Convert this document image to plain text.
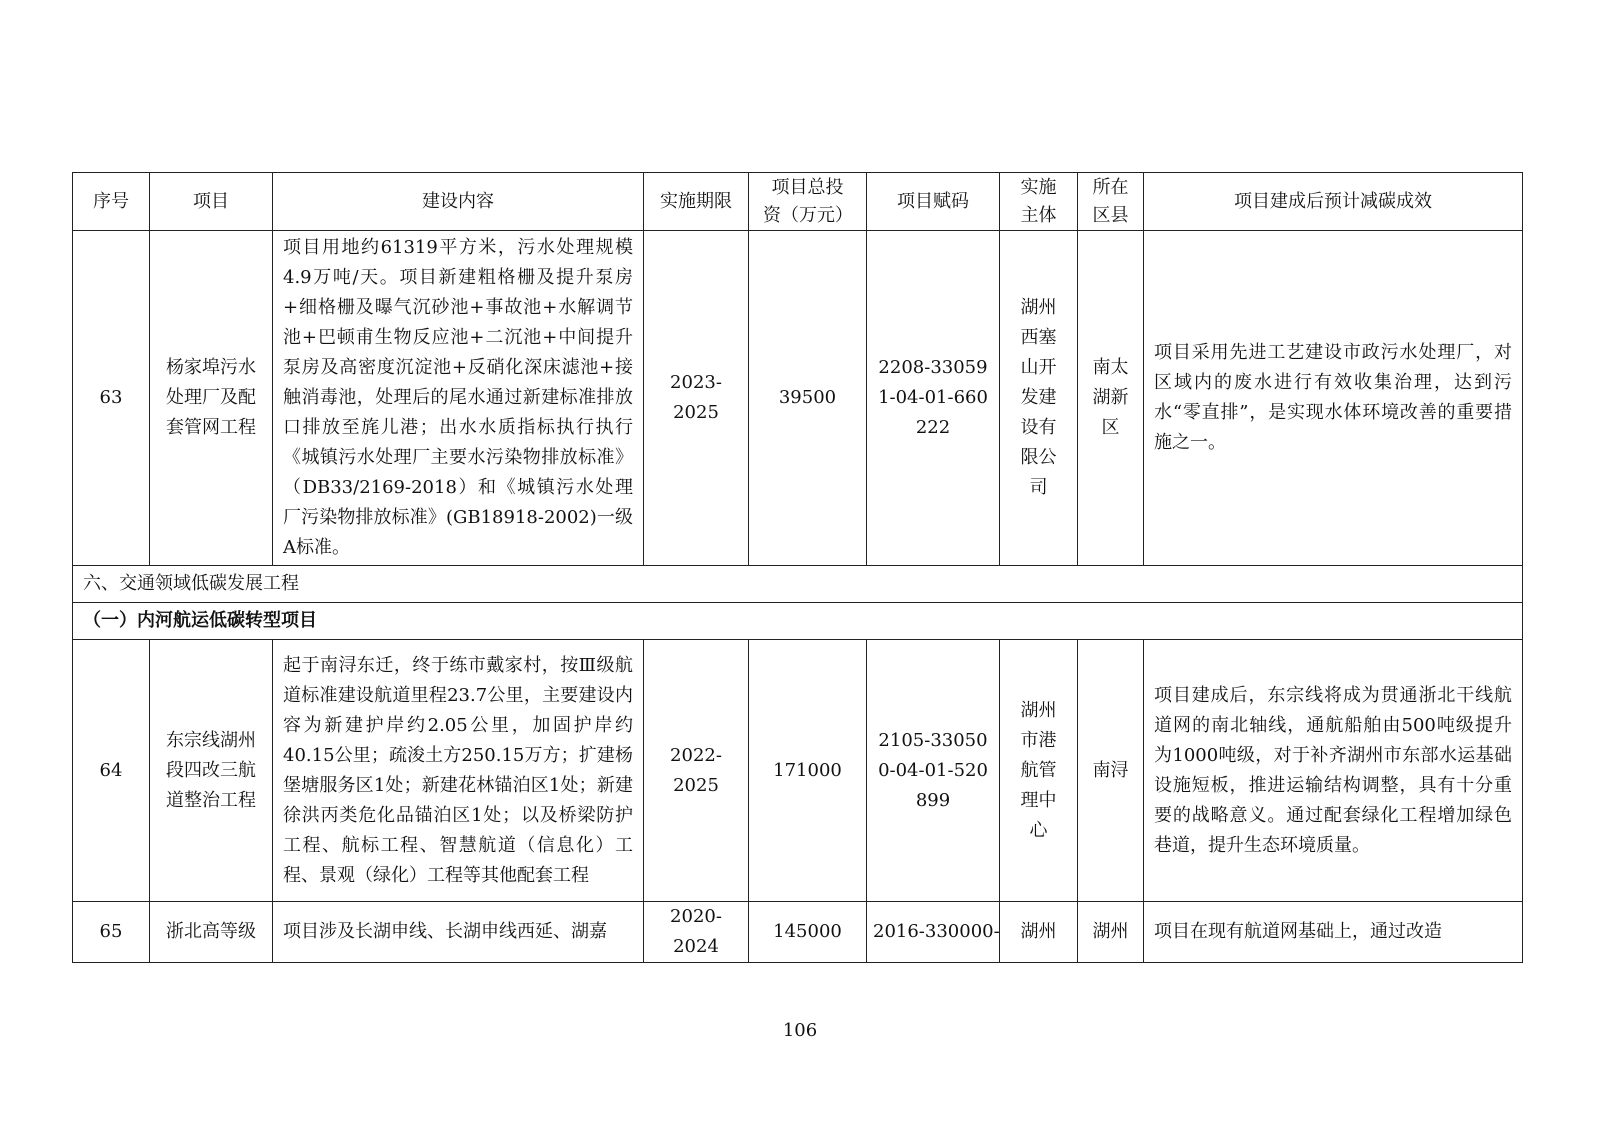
序号	项目	建设内容	实施期限	项目总投资（万元）	项目赋码	实施主体	所在区县	项目建成后预计减碳成效
63	杨家埠污水处理厂及配套管网工程	项目用地约61319平方米，污水处理规模4.9万吨/天。项目新建粗格栅及提升泵房+细格栅及曝气沉砂池+事故池+水解调节池+巴顿甫生物反应池+二沉池+中间提升泵房及高密度沉淀池+反硝化深床滤池+接触消毒池，处理后的尾水通过新建标准排放口排放至旄儿港；出水水质指标执行执行《城镇污水处理厂主要水污染物排放标准》（DB33/2169-2018）和《城镇污水处理厂污染物排放标准》(GB18918-2002)一级A标准。	2023-2025	39500	2208-330591-04-01-660222	湖州西塞山开发建设有限公司	南太湖新区	项目采用先进工艺建设市政污水处理厂，对区域内的废水进行有效收集治理，达到污水“零直排”，是实现水体环境改善的重要措施之一。
六、交通领域低碳发展工程								
（一）内河航运低碳转型项目								
64	东宗线湖州段四改三航道整治工程	起于南浔东迁，终于练市戴家村，按Ⅲ级航道标准建设航道里程23.7公里，主要建设内容为新建护岸约2.05公里，加固护岸约40.15公里；疏浚土方250.15万方；扩建杨堡塘服务区1处；新建花林锚泊区1处；新建徐洪丙类危化品锚泊区1处；以及桥梁防护工程、航标工程、智慧航道（信息化）工程、景观（绿化）工程等其他配套工程	2022-2025	171000	2105-330500-04-01-520899	湖州市港航管理中心	南浔	项目建成后，东宗线将成为贯通浙北干线航道网的南北轴线，通航船舶由500吨级提升为1000吨级，对于补齐湖州市东部水运基础设施短板，推进运输结构调整，具有十分重要的战略意义。通过配套绿化工程增加绿色巷道，提升生态环境质量。
65	浙北高等级	项目涉及长湖申线、长湖申线西延、湖嘉	2020-2024	145000	2016-330000-	湖州	湖州	项目在现有航道网基础上，通过改造
106
